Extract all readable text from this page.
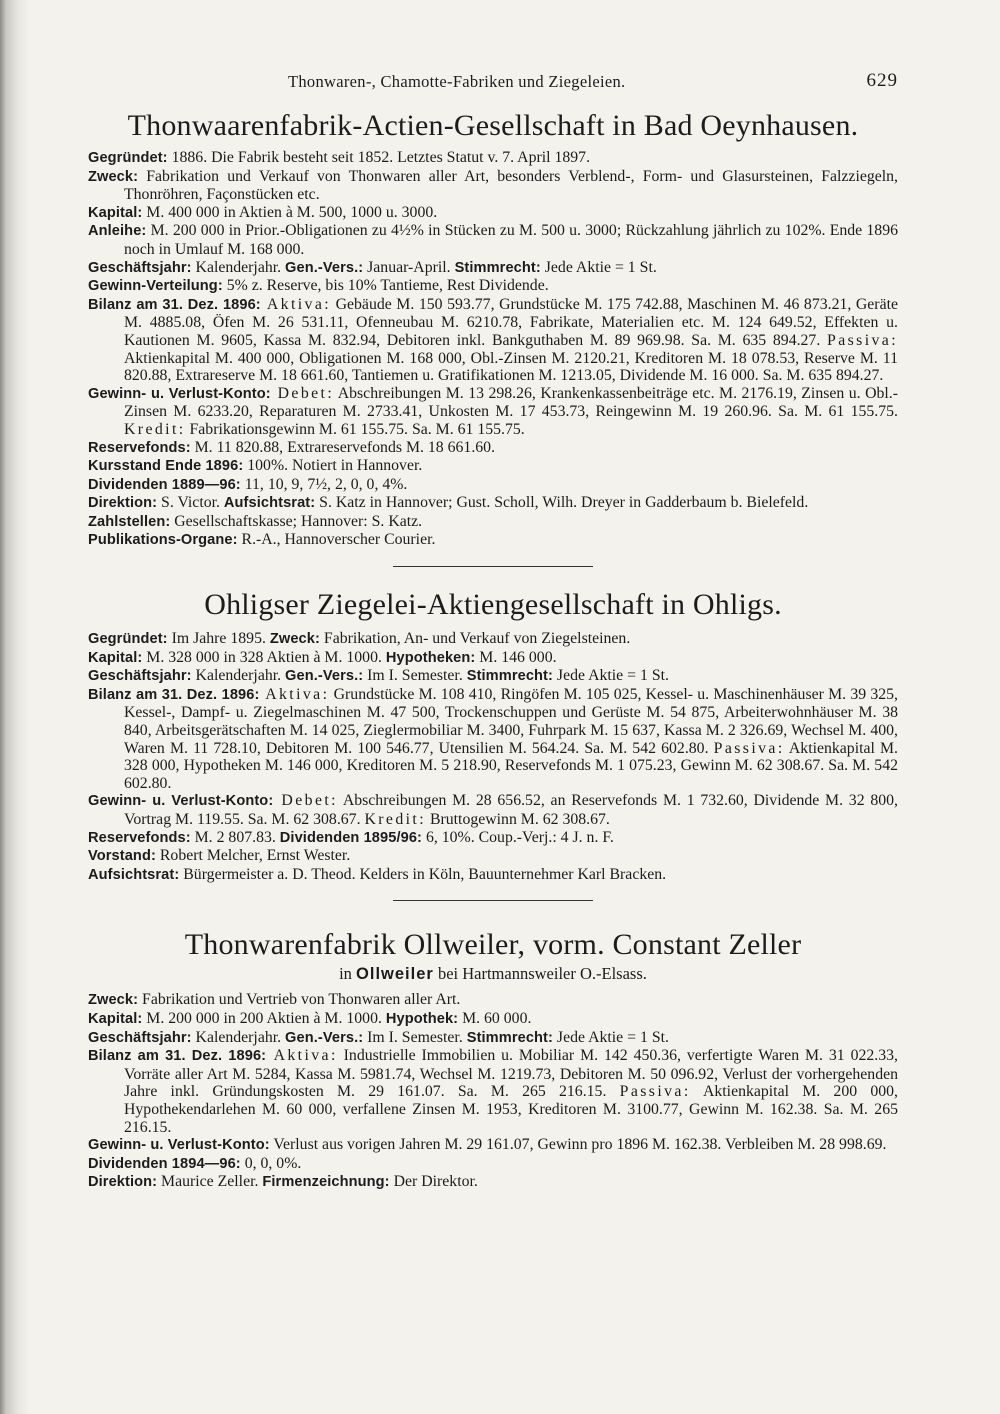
Thonwaren-, Chamotte-Fabriken und Ziegeleien.	629
Thonwaarenfabrik-Actien-Gesellschaft in Bad Oeynhausen.

Gegründet: 1886. Die Fabrik besteht seit 1852. Letztes Statut v. 7. April 1897.

Zweck: Fabrikation und Verkauf von Thonwaren aller Art, besonders Verblend-, Form- und Glasursteinen, Falzziegeln, Thonröhren, Façonstücken etc.

Kapital: M. 400 000 in Aktien à M. 500, 1000 u. 3000.

Anleihe: M. 200 000 in Prior.-Obligationen zu 4½% in Stücken zu M. 500 u. 3000; Rückzahlung jährlich zu 102%. Ende 1896 noch in Umlauf M. 168 000.

Geschäftsjahr: Kalenderjahr. Gen.-Vers.: Januar-April. Stimmrecht: Jede Aktie = 1 St.

Gewinn-Verteilung: 5% z. Reserve, bis 10% Tantieme, Rest Dividende.

Bilanz am 31. Dez. 1896: Aktiva: Gebäude M. 150 593.77, Grundstücke M. 175 742.88, Maschinen M. 46 873.21, Geräte M. 4885.08, Öfen M. 26 531.11, Ofenneubau M. 6210.78, Fabrikate, Materialien etc. M. 124 649.52, Effekten u. Kautionen M. 9605, Kassa M. 832.94, Debitoren inkl. Bankguthaben M. 89 969.98. Sa. M. 635 894.27. Passiva: Aktienkapital M. 400 000, Obligationen M. 168 000, Obl.-Zinsen M. 2120.21, Kreditoren M. 18 078.53, Reserve M. 11 820.88, Extrareserve M. 18 661.60, Tantiemen u. Gratifikationen M. 1213.05, Dividende M. 16 000. Sa. M. 635 894.27.

Gewinn- u. Verlust-Konto: Debet: Abschreibungen M. 13 298.26, Krankenkassenbeiträge etc. M. 2176.19, Zinsen u. Obl.-Zinsen M. 6233.20, Reparaturen M. 2733.41, Unkosten M. 17 453.73, Reingewinn M. 19 260.96. Sa. M. 61 155.75. Kredit: Fabrikationsgewinn M. 61 155.75. Sa. M. 61 155.75.

Reservefonds: M. 11 820.88, Extrareservefonds M. 18 661.60.

Kursstand Ende 1896: 100%. Notiert in Hannover.

Dividenden 1889—96: 11, 10, 9, 7½, 2, 0, 0, 4%.

Direktion: S. Victor. Aufsichtsrat: S. Katz in Hannover; Gust. Scholl, Wilh. Dreyer in Gadderbaum b. Bielefeld.

Zahlstellen: Gesellschaftskasse; Hannover: S. Katz.

Publikations-Organe: R.-A., Hannoverscher Courier.

Ohligser Ziegelei-Aktiengesellschaft in Ohligs.

Gegründet: Im Jahre 1895. Zweck: Fabrikation, An- und Verkauf von Ziegelsteinen.

Kapital: M. 328 000 in 328 Aktien à M. 1000. Hypotheken: M. 146 000.

Geschäftsjahr: Kalenderjahr. Gen.-Vers.: Im I. Semester. Stimmrecht: Jede Aktie = 1 St.

Bilanz am 31. Dez. 1896: Aktiva: Grundstücke M. 108 410, Ringöfen M. 105 025, Kessel- u. Maschinenhäuser M. 39 325, Kessel-, Dampf- u. Ziegelmaschinen M. 47 500, Trockenschuppen und Gerüste M. 54 875, Arbeiterwohnhäuser M. 38 840, Arbeitsgerätschaften M. 14 025, Zieglermobiliar M. 3400, Fuhrpark M. 15 637, Kassa M. 2 326.69, Wechsel M. 400, Waren M. 11 728.10, Debitoren M. 100 546.77, Utensilien M. 564.24. Sa. M. 542 602.80. Passiva: Aktienkapital M. 328 000, Hypotheken M. 146 000, Kreditoren M. 5 218.90, Reservefonds M. 1 075.23, Gewinn M. 62 308.67. Sa. M. 542 602.80.

Gewinn- u. Verlust-Konto: Debet: Abschreibungen M. 28 656.52, an Reservefonds M. 1 732.60, Dividende M. 32 800, Vortrag M. 119.55. Sa. M. 62 308.67. Kredit: Bruttogewinn M. 62 308.67.

Reservefonds: M. 2 807.83. Dividenden 1895/96: 6, 10%. Coup.-Verj.: 4 J. n. F.

Vorstand: Robert Melcher, Ernst Wester.

Aufsichtsrat: Bürgermeister a. D. Theod. Kelders in Köln, Bauunternehmer Karl Bracken.

Thonwarenfabrik Ollweiler, vorm. Constant Zeller
in Ollweiler bei Hartmannsweiler O.-Elsass.

Zweck: Fabrikation und Vertrieb von Thonwaren aller Art.

Kapital: M. 200 000 in 200 Aktien à M. 1000. Hypothek: M. 60 000.

Geschäftsjahr: Kalenderjahr. Gen.-Vers.: Im I. Semester. Stimmrecht: Jede Aktie = 1 St.

Bilanz am 31. Dez. 1896: Aktiva: Industrielle Immobilien u. Mobiliar M. 142 450.36, verfertigte Waren M. 31 022.33, Vorräte aller Art M. 5284, Kassa M. 5981.74, Wechsel M. 1219.73, Debitoren M. 50 096.92, Verlust der vorhergehenden Jahre inkl. Gründungskosten M. 29 161.07. Sa. M. 265 216.15. Passiva: Aktienkapital M. 200 000, Hypothekendarlehen M. 60 000, verfallene Zinsen M. 1953, Kreditoren M. 3100.77, Gewinn M. 162.38. Sa. M. 265 216.15.

Gewinn- u. Verlust-Konto: Verlust aus vorigen Jahren M. 29 161.07, Gewinn pro 1896 M. 162.38. Verbleiben M. 28 998.69.

Dividenden 1894—96: 0, 0, 0%.

Direktion: Maurice Zeller. Firmenzeichnung: Der Direktor.
